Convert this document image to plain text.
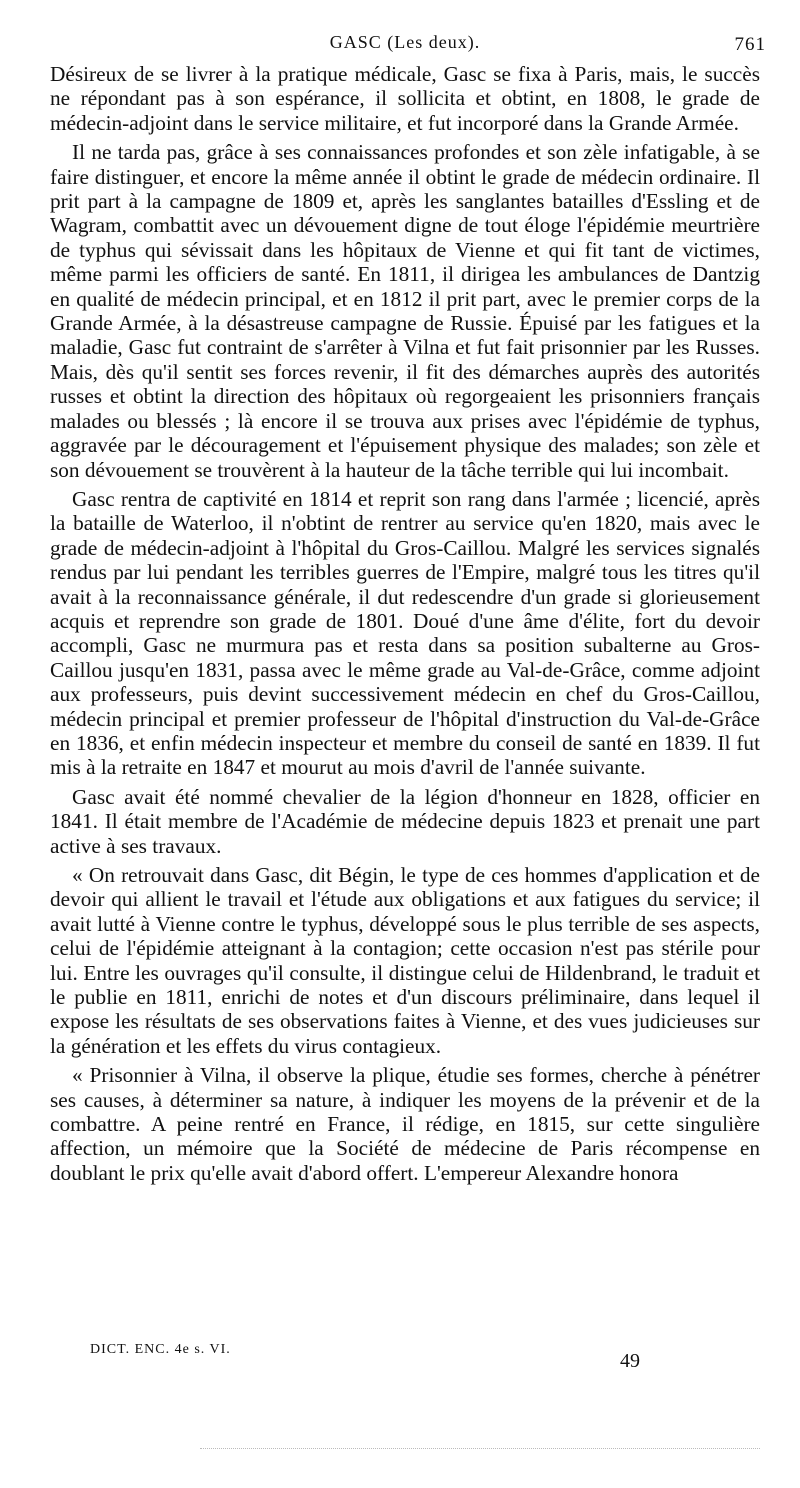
GASC (Les deux).	761

Désireux de se livrer à la pratique médicale, Gasc se fixa à Paris, mais, le succès ne répondant pas à son espérance, il sollicita et obtint, en 1808, le grade de médecin-adjoint dans le service militaire, et fut incorporé dans la Grande Armée.

Il ne tarda pas, grâce à ses connaissances profondes et son zèle infatigable, à se faire distinguer, et encore la même année il obtint le grade de médecin ordinaire. Il prit part à la campagne de 1809 et, après les sanglantes batailles d'Essling et de Wagram, combattit avec un dévouement digne de tout éloge l'épidémie meurtrière de typhus qui sévissait dans les hôpitaux de Vienne et qui fit tant de victimes, même parmi les officiers de santé. En 1811, il dirigea les ambulances de Dantzig en qualité de médecin principal, et en 1812 il prit part, avec le premier corps de la Grande Armée, à la désastreuse campagne de Russie. Épuisé par les fatigues et la maladie, Gasc fut contraint de s'arrêter à Vilna et fut fait prisonnier par les Russes. Mais, dès qu'il sentit ses forces revenir, il fit des démarches auprès des autorités russes et obtint la direction des hôpitaux où regorgeaient les prisonniers français malades ou blessés ; là encore il se trouva aux prises avec l'épidémie de typhus, aggravée par le découragement et l'épuisement physique des malades; son zèle et son dévouement se trouvèrent à la hauteur de la tâche terrible qui lui incombait.

Gasc rentra de captivité en 1814 et reprit son rang dans l'armée ; licencié, après la bataille de Waterloo, il n'obtint de rentrer au service qu'en 1820, mais avec le grade de médecin-adjoint à l'hôpital du Gros-Caillou. Malgré les services signalés rendus par lui pendant les terribles guerres de l'Empire, malgré tous les titres qu'il avait à la reconnaissance générale, il dut redescendre d'un grade si glorieusement acquis et reprendre son grade de 1801. Doué d'une âme d'élite, fort du devoir accompli, Gasc ne murmura pas et resta dans sa position subalterne au Gros-Caillou jusqu'en 1831, passa avec le même grade au Val-de-Grâce, comme adjoint aux professeurs, puis devint successivement médecin en chef du Gros-Caillou, médecin principal et premier professeur de l'hôpital d'instruction du Val-de-Grâce en 1836, et enfin médecin inspecteur et membre du conseil de santé en 1839. Il fut mis à la retraite en 1847 et mourut au mois d'avril de l'année suivante.

Gasc avait été nommé chevalier de la légion d'honneur en 1828, officier en 1841. Il était membre de l'Académie de médecine depuis 1823 et prenait une part active à ses travaux.

« On retrouvait dans Gasc, dit Bégin, le type de ces hommes d'application et de devoir qui allient le travail et l'étude aux obligations et aux fatigues du service; il avait lutté à Vienne contre le typhus, développé sous le plus terrible de ses aspects, celui de l'épidémie atteignant à la contagion; cette occasion n'est pas stérile pour lui. Entre les ouvrages qu'il consulte, il distingue celui de Hildenbrand, le traduit et le publie en 1811, enrichi de notes et d'un discours préliminaire, dans lequel il expose les résultats de ses observations faites à Vienne, et des vues judicieuses sur la génération et les effets du virus contagieux.

« Prisonnier à Vilna, il observe la plique, étudie ses formes, cherche à pénétrer ses causes, à déterminer sa nature, à indiquer les moyens de la prévenir et de la combattre. A peine rentré en France, il rédige, en 1815, sur cette singulière affection, un mémoire que la Société de médecine de Paris récompense en doublant le prix qu'elle avait d'abord offert. L'empereur Alexandre honora

DICT. ENC. 4e s. VI.
49
